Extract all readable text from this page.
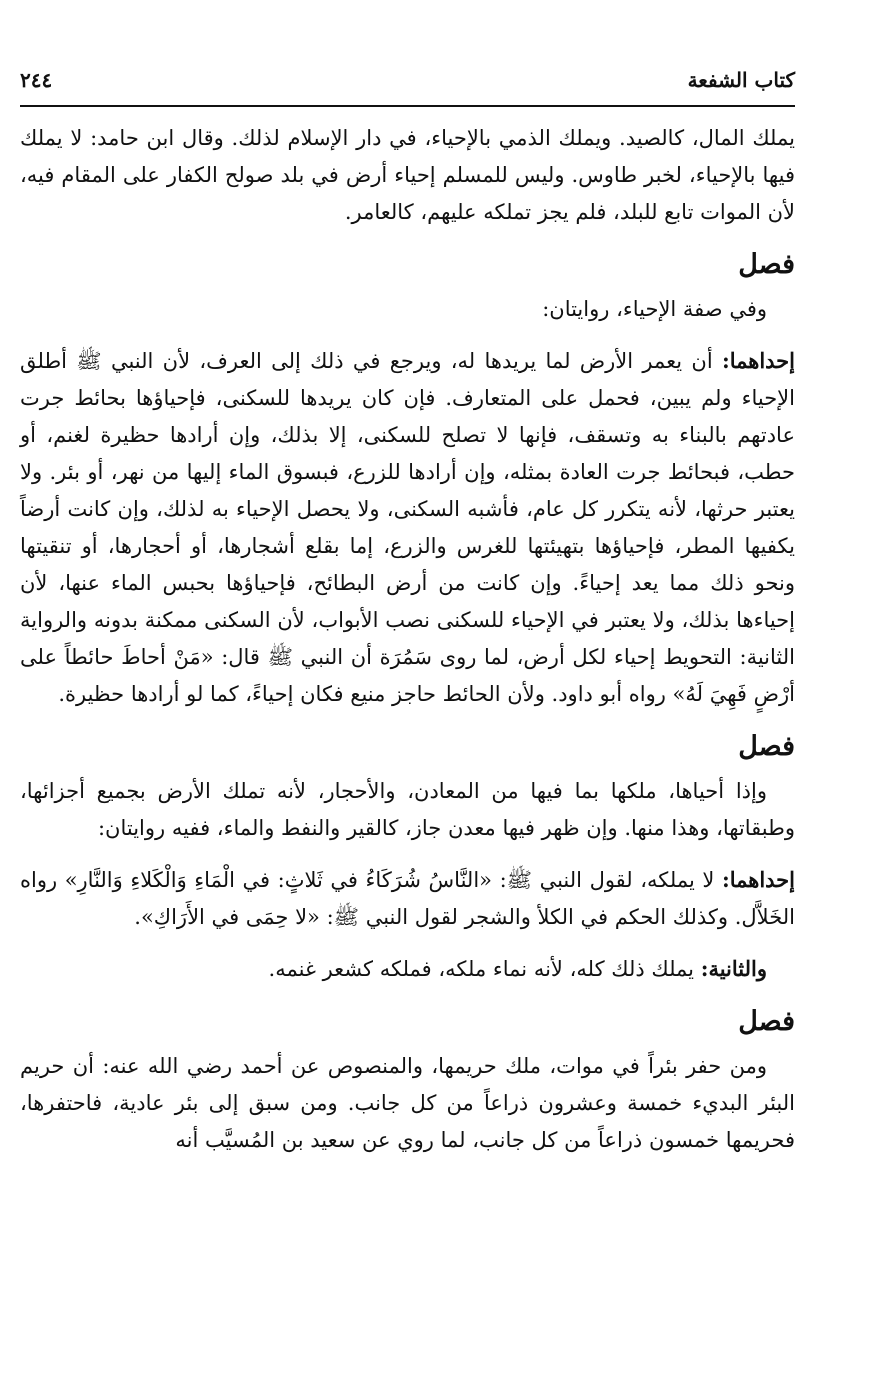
كتاب الشفعة
٢٤٤

يملك المال، كالصيد. ويملك الذمي بالإحياء، في دار الإسلام لذلك. وقال ابن حامد: لا يملك فيها بالإحياء، لخبر طاوس. وليس للمسلم إحياء أرض في بلد صولح الكفار على المقام فيه، لأن الموات تابع للبلد، فلم يجز تملكه عليهم، كالعامر.

فصل

وفي صفة الإحياء، روايتان:

إحداهما: أن يعمر الأرض لما يريدها له، ويرجع في ذلك إلى العرف، لأن النبي ﷺ أطلق الإحياء ولم يبين، فحمل على المتعارف. فإن كان يريدها للسكنى، فإحياؤها بحائط جرت عادتهم بالبناء به وتسقف، فإنها لا تصلح للسكنى، إلا بذلك، وإن أرادها حظيرة لغنم، أو حطب، فبحائط جرت العادة بمثله، وإن أرادها للزرع، فبسوق الماء إليها من نهر، أو بئر. ولا يعتبر حرثها، لأنه يتكرر كل عام، فأشبه السكنى، ولا يحصل الإحياء به لذلك، وإن كانت أرضاً يكفيها المطر، فإحياؤها بتهيئتها للغرس والزرع، إما بقلع أشجارها، أو أحجارها، أو تنقيتها ونحو ذلك مما يعد إحياءً. وإن كانت من أرض البطائح، فإحياؤها بحبس الماء عنها، لأن إحياءها بذلك، ولا يعتبر في الإحياء للسكنى نصب الأبواب، لأن السكنى ممكنة بدونه والرواية الثانية: التحويط إحياء لكل أرض، لما روى سَمُرَة أن النبي ﷺ قال: «مَنْ أحاطَ حائطاً على أرْضٍ فَهِيَ لَهُ» رواه أبو داود. ولأن الحائط حاجز منيع فكان إحياءً، كما لو أرادها حظيرة.

فصل

وإذا أحياها، ملكها بما فيها من المعادن، والأحجار، لأنه تملك الأرض بجميع أجزائها، وطبقاتها، وهذا منها. وإن ظهر فيها معدن جاز، كالقير والنفط والماء، ففيه روايتان:

إحداهما: لا يملكه، لقول النبي ﷺ: «النَّاسُ شُرَكَاءُ في ثَلاثٍ: في الْمَاءِ وَالْكَلاءِ وَالنَّارِ» رواه الخَلاَّل. وكذلك الحكم في الكلأ والشجر لقول النبي ﷺ: «لا حِمَى في الأَرَاكِ».

والثانية: يملك ذلك كله، لأنه نماء ملكه، فملكه كشعر غنمه.

فصل

ومن حفر بئراً في موات، ملك حريمها، والمنصوص عن أحمد رضي الله عنه: أن حريم البئر البديء خمسة وعشرون ذراعاً من كل جانب. ومن سبق إلى بئر عادية، فاحتفرها، فحريمها خمسون ذراعاً من كل جانب، لما روي عن سعيد بن المُسيَّب أنه
